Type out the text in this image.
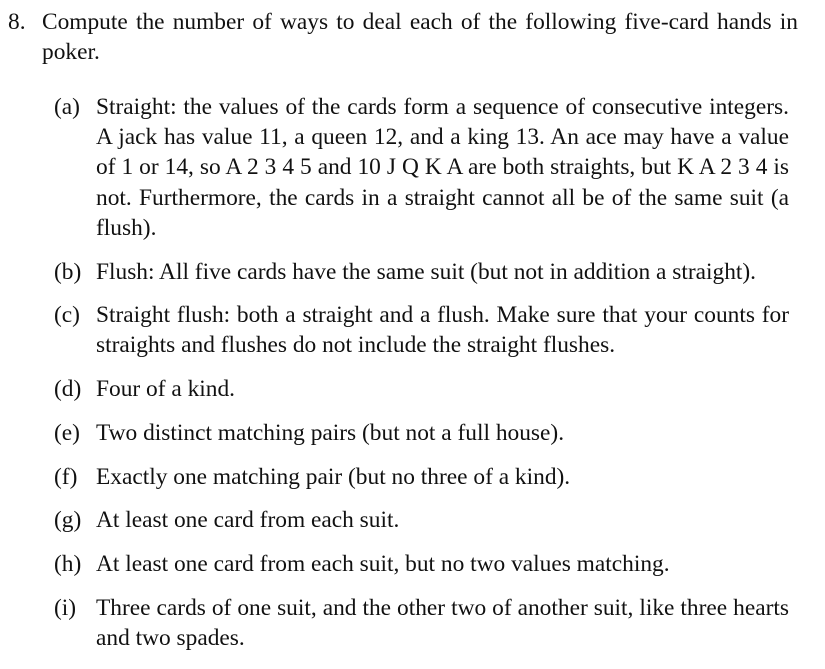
8. Compute the number of ways to deal each of the following five-card hands in poker.
(a) Straight: the values of the cards form a sequence of consecutive integers. A jack has value 11, a queen 12, and a king 13. An ace may have a value of 1 or 14, so A 2 3 4 5 and 10 J Q K A are both straights, but K A 2 3 4 is not. Furthermore, the cards in a straight cannot all be of the same suit (a flush).
(b) Flush: All five cards have the same suit (but not in addition a straight).
(c) Straight flush: both a straight and a flush. Make sure that your counts for straights and flushes do not include the straight flushes.
(d) Four of a kind.
(e) Two distinct matching pairs (but not a full house).
(f) Exactly one matching pair (but no three of a kind).
(g) At least one card from each suit.
(h) At least one card from each suit, but no two values matching.
(i) Three cards of one suit, and the other two of another suit, like three hearts and two spades.
